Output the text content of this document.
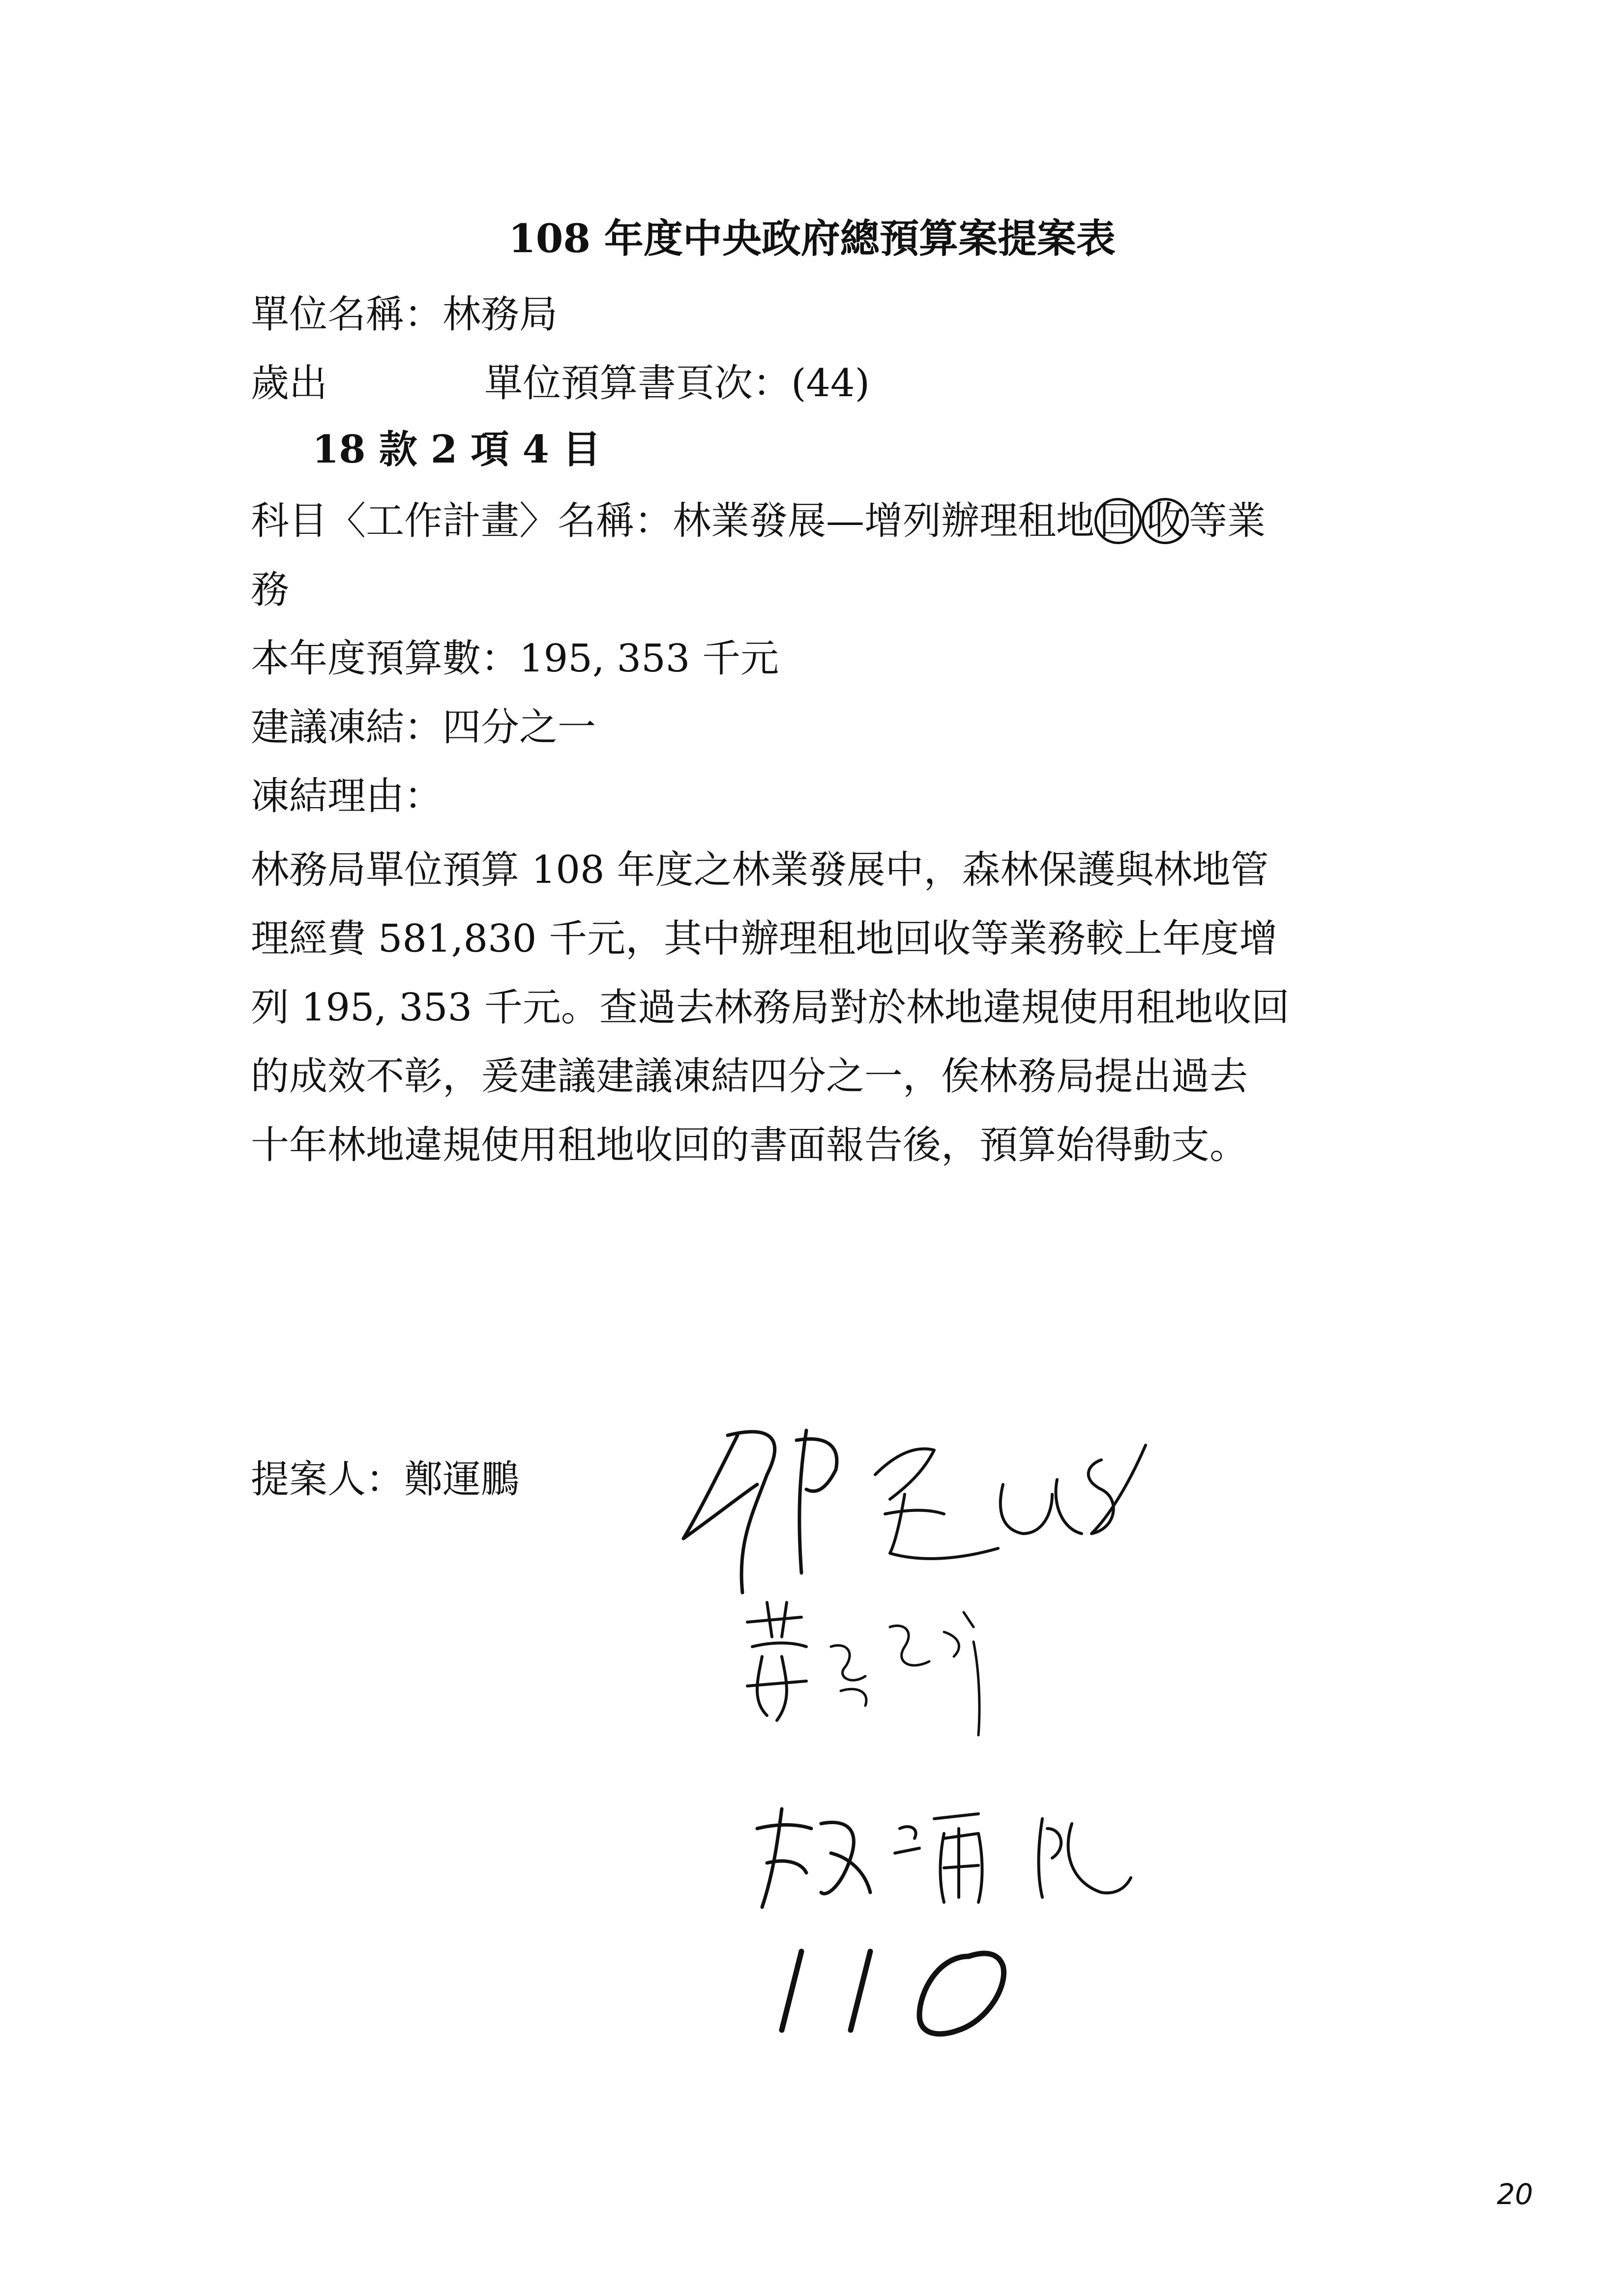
108 年度中央政府總預算案提案表
單位名稱：林務局
歲出	單位預算書頁次：(44)
18 款 2 項 4 目
科目〈工作計畫〉名稱：林業發展—增列辦理租地 回 收 等業
務
本年度預算數：195, 353 千元
建議凍結：四分之一
凍結理由：
林務局單位預算 108 年度之林業發展中，森林保護與林地管
理經費 581,830 千元，其中辦理租地回收等業務較上年度增
列 195, 353 千元。查過去林務局對於林地違規使用租地收回
的成效不彰，爰建議建議凍結四分之一，俟林務局提出過去
十年林地違規使用租地收回的書面報告後，預算始得動支。
提案人：鄭運鵬
20
